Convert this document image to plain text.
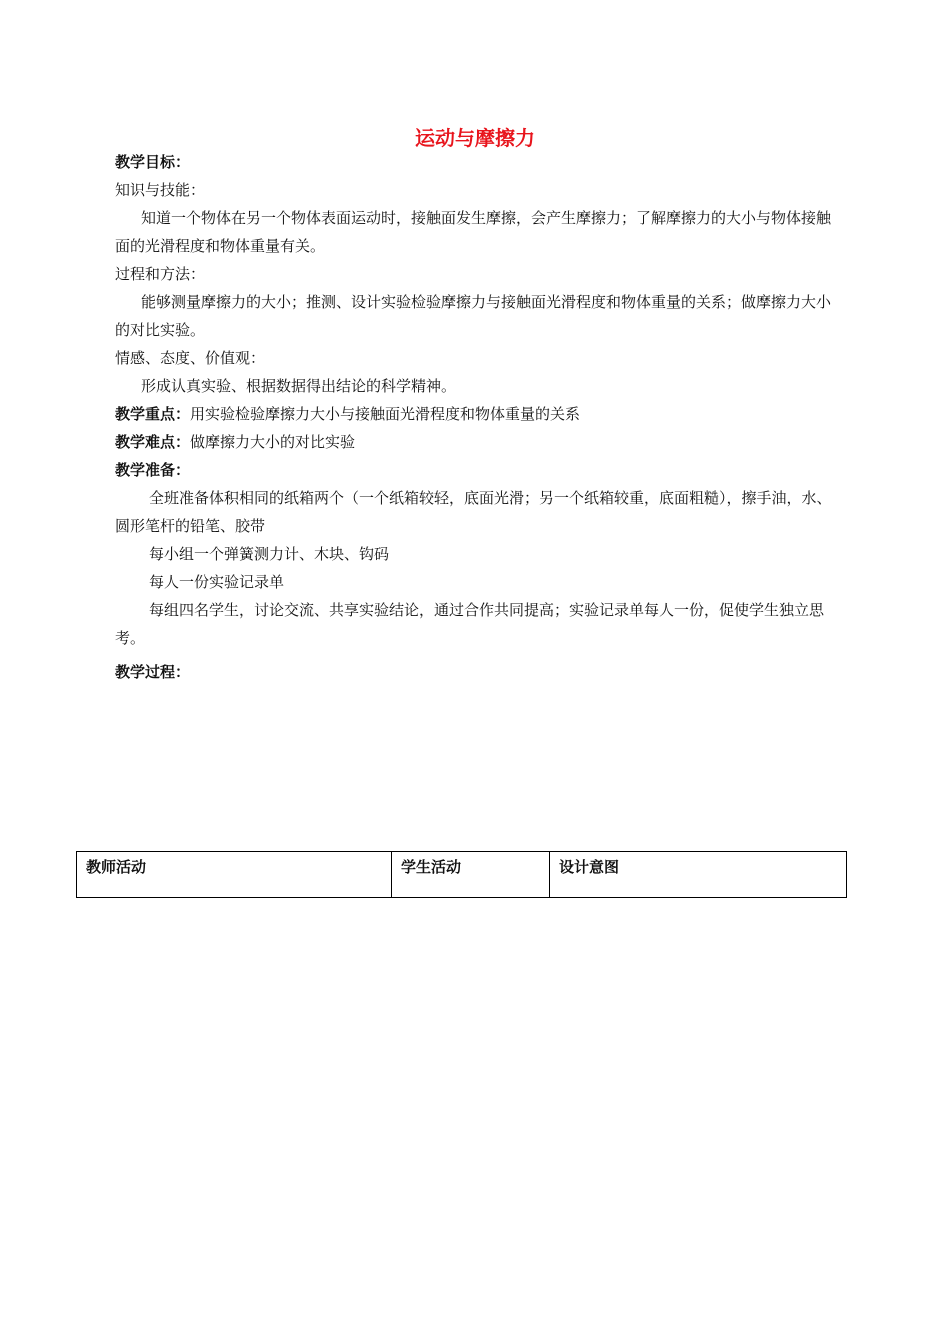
运动与摩擦力

教学目标：

知识与技能：

知道一个物体在另一个物体表面运动时，接触面发生摩擦，会产生摩擦力；了解摩擦力的大小与物体接触面的光滑程度和物体重量有关。

过程和方法：

能够测量摩擦力的大小；推测、设计实验检验摩擦力与接触面光滑程度和物体重量的关系；做摩擦力大小的对比实验。

情感、态度、价值观：

形成认真实验、根据数据得出结论的科学精神。

教学重点：用实验检验摩擦力大小与接触面光滑程度和物体重量的关系

教学难点：做摩擦力大小的对比实验

教学准备：

全班准备体积相同的纸箱两个（一个纸箱较轻，底面光滑；另一个纸箱较重，底面粗糙），擦手油，水、圆形笔杆的铅笔、胶带

每小组一个弹簧测力计、木块、钩码

每人一份实验记录单

每组四名学生，讨论交流、共享实验结论，通过合作共同提高；实验记录单每人一份，促使学生独立思考。

教学过程：

教师活动	学生活动	设计意图
